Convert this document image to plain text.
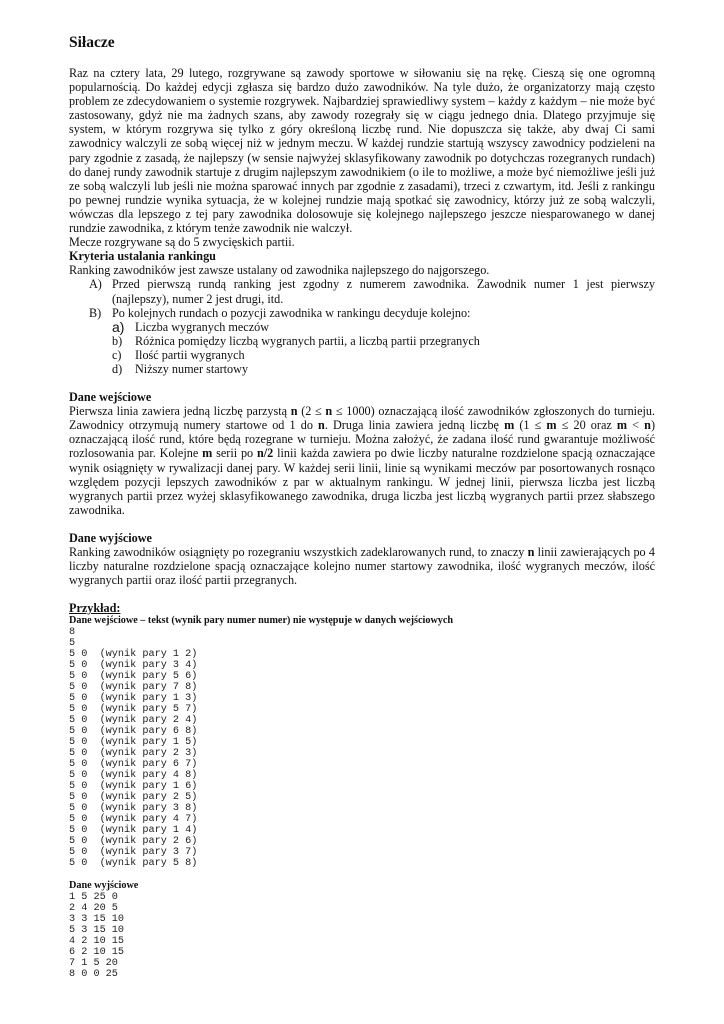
Siłacze

Raz na cztery lata, 29 lutego, rozgrywane są zawody sportowe w siłowaniu się na rękę. Cieszą się one ogromną popularnością. Do każdej edycji zgłasza się bardzo dużo zawodników. Na tyle dużo, że organizatorzy mają często problem ze zdecydowaniem o systemie rozgrywek. Najbardziej sprawiedliwy system – każdy z każdym – nie może być zastosowany, gdyż nie ma żadnych szans, aby zawody rozegrały się w ciągu jednego dnia. Dlatego przyjmuje się system, w którym rozgrywa się tylko z góry określoną liczbę rund. Nie dopuszcza się także, aby dwaj Ci sami zawodnicy walczyli ze sobą więcej niż w jednym meczu. W każdej rundzie startują wszyscy zawodnicy podzieleni na pary zgodnie z zasadą, że najlepszy (w sensie najwyżej sklasyfikowany zawodnik po dotychczas rozegranych rundach) do danej rundy zawodnik startuje z drugim najlepszym zawodnikiem (o ile to możliwe, a może być niemożliwe jeśli już ze sobą walczyli lub jeśli nie można sparować innych par zgodnie z zasadami), trzeci z czwartym, itd. Jeśli z rankingu po pewnej rundzie wynika sytuacja, że w kolejnej rundzie mają spotkać się zawodnicy, którzy już ze sobą walczyli, wówczas dla lepszego z tej pary zawodnika dolosowuje się kolejnego najlepszego jeszcze niesparowanego w danej rundzie zawodnika, z którym tenże zawodnik nie walczył.

Mecze rozgrywane są do 5 zwycięskich partii.

Kryteria ustalania rankingu

Ranking zawodników jest zawsze ustalany od zawodnika najlepszego do najgorszego.

A) Przed pierwszą rundą ranking jest zgodny z numerem zawodnika. Zawodnik numer 1 jest pierwszy (najlepszy), numer 2 jest drugi, itd.
B) Po kolejnych rundach o pozycji zawodnika w rankingu decyduje kolejno:
a) Liczba wygranych meczów
b)	Różnica pomiędzy liczbą wygranych partii, a liczbą partii przegranych
c)	Ilość partii wygranych
d)	Niższy numer startowy

Dane wejściowe

Pierwsza linia zawiera jedną liczbę parzystą n (2 ≤ n ≤ 1000) oznaczającą ilość zawodników zgłoszonych do turnieju. Zawodnicy otrzymują numery startowe od 1 do n. Druga linia zawiera jedną liczbę m (1 ≤ m ≤ 20 oraz m < n) oznaczającą ilość rund, które będą rozegrane w turnieju. Można założyć, że zadana ilość rund gwarantuje możliwość rozlosowania par. Kolejne m serii po n/2 linii każda zawiera po dwie liczby naturalne rozdzielone spacją oznaczające wynik osiągnięty w rywalizacji danej pary. W każdej serii linii, linie są wynikami meczów par posortowanych rosnąco względem pozycji lepszych zawodników z par w aktualnym rankingu. W jednej linii, pierwsza liczba jest liczbą wygranych partii przez wyżej sklasyfikowanego zawodnika, druga liczba jest liczbą wygranych partii przez słabszego zawodnika.

Dane wyjściowe

Ranking zawodników osiągnięty po rozegraniu wszystkich zadeklarowanych rund, to znaczy n linii zawierających po 4 liczby naturalne rozdzielone spacją oznaczające kolejno numer startowy zawodnika, ilość wygranych meczów, ilość wygranych partii oraz ilość partii przegranych.

Przykład:

Dane wejściowe – tekst (wynik pary numer numer) nie występuje w danych wejściowych

8
5
5 0  (wynik pary 1 2)
5 0  (wynik pary 3 4)
5 0  (wynik pary 5 6)
5 0  (wynik pary 7 8)
5 0  (wynik pary 1 3)
5 0  (wynik pary 5 7)
5 0  (wynik pary 2 4)
5 0  (wynik pary 6 8)
5 0  (wynik pary 1 5)
5 0  (wynik pary 2 3)
5 0  (wynik pary 6 7)
5 0  (wynik pary 4 8)
5 0  (wynik pary 1 6)
5 0  (wynik pary 2 5)
5 0  (wynik pary 3 8)
5 0  (wynik pary 4 7)
5 0  (wynik pary 1 4)
5 0  (wynik pary 2 6)
5 0  (wynik pary 3 7)
5 0  (wynik pary 5 8)

Dane wyjściowe

1 5 25 0
2 4 20 5
3 3 15 10
5 3 15 10
4 2 10 15
6 2 10 15
7 1 5 20
8 0 0 25
